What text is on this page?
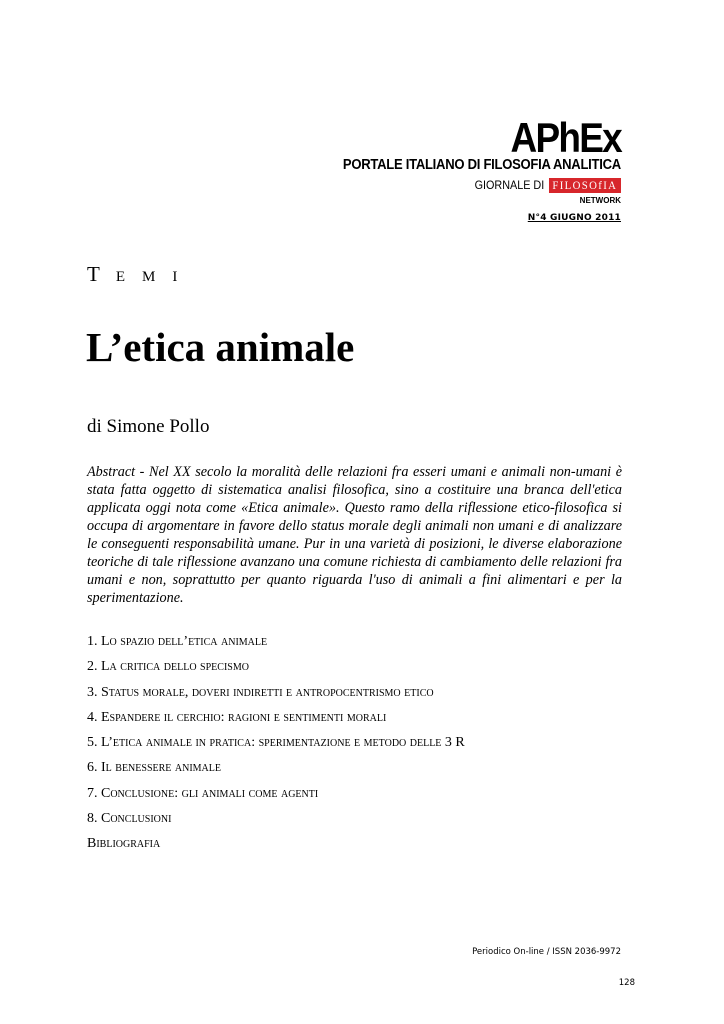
APhEx
PORTALE ITALIANO DI FILOSOFIA ANALITICA
GIORNALE DI FILOSOfIA
NETWORK
N°4 GIUGNO 2011
TEMI
L’etica animale
di Simone Pollo
Abstract - Nel XX secolo la moralità delle relazioni fra esseri umani e animali non-umani è stata fatta oggetto di sistematica analisi filosofica, sino a costituire una branca dell'etica applicata oggi nota come «Etica animale». Questo ramo della riflessione etico-filosofica si occupa di argomentare in favore dello status morale degli animali non umani e di analizzare le conseguenti responsabilità umane. Pur in una varietà di posizioni, le diverse elaborazione teoriche di tale riflessione avanzano una comune richiesta di cambiamento delle relazioni fra umani e non, soprattutto per quanto riguarda l'uso di animali a fini alimentari e per la sperimentazione.
1. Lo spazio dell’etica animale
2. La critica dello specismo
3. Status morale, doveri indiretti e antropocentrismo etico
4. Espandere il cerchio: ragioni e sentimenti morali
5. L’etica animale in pratica: sperimentazione e metodo delle 3 R
6. Il benessere animale
7. Conclusione: gli animali come agenti
8. Conclusioni
Bibliografia
Periodico On-line / ISSN 2036-9972
128
